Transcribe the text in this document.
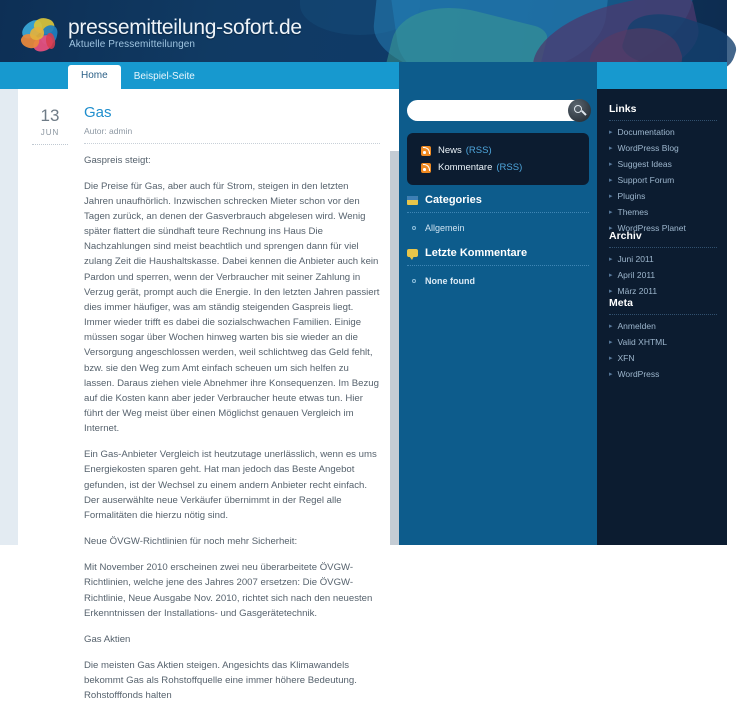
pressemitteilung-sofort.de
Aktuelle Pressemitteilungen
Home	Beispiel-Seite
13
JUN
Gas
Autor: admin

Gaspreis steigt:

Die Preise für Gas, aber auch für Strom, steigen in den letzten Jahren unaufhörlich. Inzwischen schrecken Mieter schon vor den Tagen zurück, an denen der Gasverbrauch abgelesen wird. Wenig später flattert die sündhaft teure Rechnung ins Haus Die Nachzahlungen sind meist beachtlich und sprengen dann für viel zulang Zeit die Haushaltskasse. Dabei kennen die Anbieter auch kein Pardon und sperren, wenn der Verbraucher mit seiner Zahlung in Verzug gerät, prompt auch die Energie. In den letzten Jahren passiert dies immer häufiger, was am ständig steigenden Gaspreis liegt. Immer wieder trifft es dabei die sozialschwachen Familien. Einige müssen sogar über Wochen hinweg warten bis sie wieder an die Versorgung angeschlossen werden, weil schlichtweg das Geld fehlt, bzw. sie den Weg zum Amt einfach scheuen um sich helfen zu lassen. Daraus ziehen viele Abnehmer ihre Konsequenzen. Im Bezug auf die Kosten kann aber jeder Verbraucher heute etwas tun. Hier führt der Weg meist über einen Möglichst genauen Vergleich im Internet.

Ein Gas-Anbieter Vergleich ist heutzutage unerlässlich, wenn es ums Energiekosten sparen geht. Hat man jedoch das Beste Angebot gefunden, ist der Wechsel zu einem andern Anbieter recht einfach. Der auserwählte neue Verkäufer übernimmt in der Regel alle Formalitäten die hierzu nötig sind.

Neue ÖVGW-Richtlinien für noch mehr Sicherheit:

Mit November 2010 erscheinen zwei neu überarbeitete ÖVGW-Richtlinien, welche jene des Jahres 2007 ersetzen: Die ÖVGW-Richtlinie, Neue Ausgabe Nov. 2010, richtet sich nach den neuesten Erkenntnissen der Installations- und Gasgerätetechnik.

Gas Aktien

Die meisten Gas Aktien steigen. Angesichts das Klimawandels bekommt Gas als Rohstoffquelle eine immer höhere Bedeutung. Rohstofffonds halten

News (RSS)
Kommentare (RSS)
Categories
Allgemein
Letzte Kommentare
None found
Links
▸ Documentation
▸ WordPress Blog
▸ Suggest Ideas
▸ Support Forum
▸ Plugins
▸ Themes
▸ WordPress Planet
Archiv
▸ Juni 2011
▸ April 2011
▸ März 2011
Meta
▸ Anmelden
▸ Valid XHTML
▸ XFN
▸ WordPress
